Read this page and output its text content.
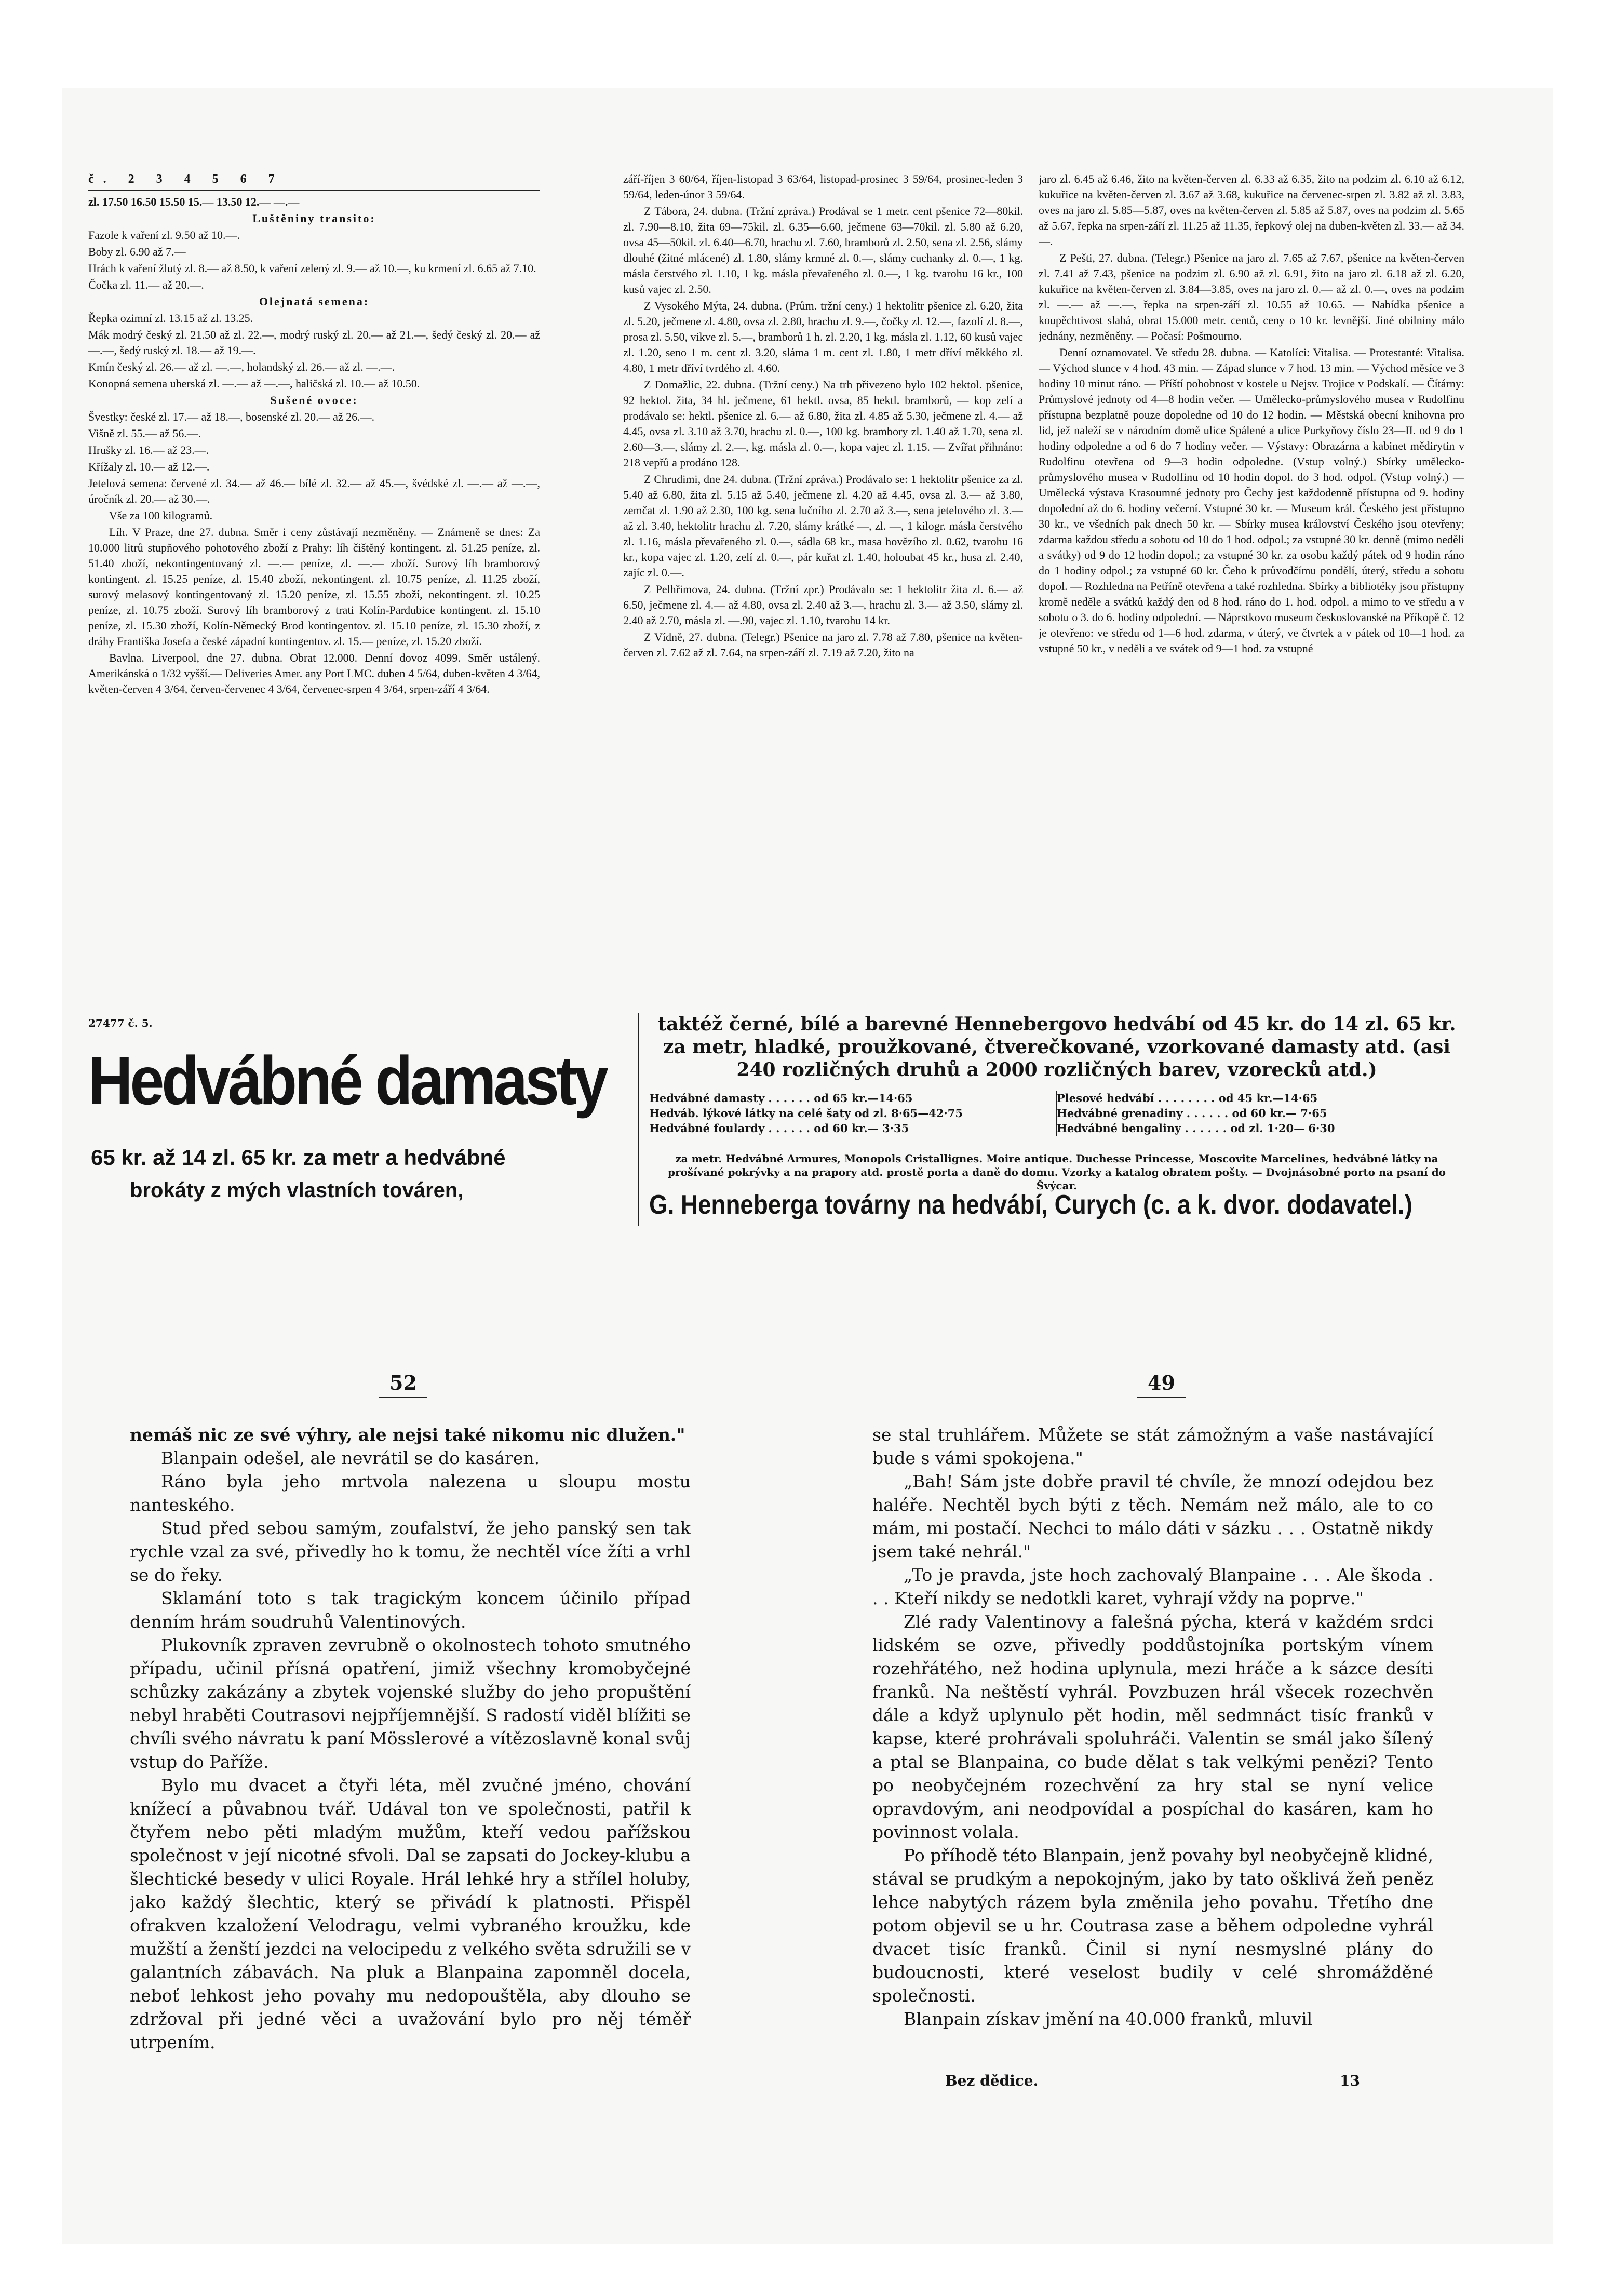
č. 2 3 4 5 6 7

zl. 17.50 16.50 15.50 15.— 13.50 12.— —.—

Luštěniny transito:

Fazole k vaření zl. 9.50 až 10.—.

Boby zl. 6.90 až 7.—

Hrách k vaření žlutý zl. 8.— až 8.50, k vaření zelený zl. 9.— až 10.—, ku krmení zl. 6.65 až 7.10.

Čočka zl. 11.— až 20.—.

Olejnatá semena:

Řepka ozimní zl. 13.15 až zl. 13.25.

Mák modrý český zl. 21.50 až zl. 22.—, modrý ruský zl. 20.— až 21.—, šedý český zl. 20.— až —.—, šedý ruský zl. 18.— až 19.—.

Kmín český zl. 26.— až zl. —.—, holandský zl. 26.— až zl. —.—.

Konopná semena uherská zl. —.— až —.—, haličská zl. 10.— až 10.50.

Sušené ovoce:

Švestky: české zl. 17.— až 18.—, bosenské zl. 20.— až 26.—.

Višně zl. 55.— až 56.—.

Hrušky zl. 16.— až 23.—.

Křížaly zl. 10.— až 12.—.

Jetelová semena: červené zl. 34.— až 46.— bílé zl. 32.— až 45.—, švédské zl. —.— až —.—, úročník zl. 20.— až 30.—.

Vše za 100 kilogramů.

Líh. V Praze, dne 27. dubna. Směr i ceny zůstávají nezměněny. — Známeně se dnes: Za 10.000 litrů stupňového pohotového zboží z Prahy: líh čištěný kontingent. zl. 51.25 peníze, zl. 51.40 zboží, nekontingentovaný zl. —.— peníze, zl. —.— zboží. Surový líh bramborový kontingent. zl. 15.25 peníze, zl. 15.40 zboží, nekontingent. zl. 10.75 peníze, zl. 11.25 zboží, surový melasový kontingentovaný zl. 15.20 peníze, zl. 15.55 zboží, nekontingent. zl. 10.25 peníze, zl. 10.75 zboží. Surový líh bramborový z trati Kolín-Pardubice kontingent. zl. 15.10 peníze, zl. 15.30 zboží, Kolín-Německý Brod kontingentov. zl. 15.10 peníze, zl. 15.30 zboží, z dráhy Františka Josefa a české západní kontingentov. zl. 15.— peníze, zl. 15.20 zboží.

Bavlna. Liverpool, dne 27. dubna. Obrat 12.000. Denní dovoz 4099. Směr ustálený. Amerikánská o 1/32 vyšší.— Deliveries Amer. any Port LMC. duben 4 5/64, duben-květen 4 3/64, květen-červen 4 3/64, červen-červenec 4 3/64, červenec-srpen 4 3/64, srpen-září 4 3/64.

září-říjen 3 60/64, říjen-listopad 3 63/64, listopad-prosinec 3 59/64, prosinec-leden 3 59/64, leden-únor 3 59/64.

Z Tábora, 24. dubna. (Tržní zpráva.) Prodával se 1 metr. cent pšenice 72—80kil. zl. 7.90—8.10, žita 69—75kil. zl. 6.35—6.60, ječmene 63—70kil. zl. 5.80 až 6.20, ovsa 45—50kil. zl. 6.40—6.70, hrachu zl. 7.60, bramborů zl. 2.50, sena zl. 2.56, slámy dlouhé (žitné mlácené) zl. 1.80, slámy krmné zl. 0.—, slámy cuchanky zl. 0.—, 1 kg. másla čerstvého zl. 1.10, 1 kg. másla převařeného zl. 0.—, 1 kg. tvarohu 16 kr., 100 kusů vajec zl. 2.50.

Z Vysokého Mýta, 24. dubna. (Prům. tržní ceny.) 1 hektolitr pšenice zl. 6.20, žita zl. 5.20, ječmene zl. 4.80, ovsa zl. 2.80, hrachu zl. 9.—, čočky zl. 12.—, fazolí zl. 8.—, prosa zl. 5.50, vikve zl. 5.—, bramborů 1 h. zl. 2.20, 1 kg. másla zl. 1.12, 60 kusů vajec zl. 1.20, seno 1 m. cent zl. 3.20, sláma 1 m. cent zl. 1.80, 1 metr dříví měkkého zl. 4.80, 1 metr dříví tvrdého zl. 4.60.

Z Domažlic, 22. dubna. (Tržní ceny.) Na trh přivezeno bylo 102 hektol. pšenice, 92 hektol. žita, 34 hl. ječmene, 61 hektl. ovsa, 85 hektl. bramborů, — kop zelí a prodávalo se: hektl. pšenice zl. 6.— až 6.80, žita zl. 4.85 až 5.30, ječmene zl. 4.— až 4.45, ovsa zl. 3.10 až 3.70, hrachu zl. 0.—, 100 kg. brambory zl. 1.40 až 1.70, sena zl. 2.60—3.—, slámy zl. 2.—, kg. másla zl. 0.—, kopa vajec zl. 1.15. — Zvířat přihnáno: 218 vepřů a prodáno 128.

Z Chrudimi, dne 24. dubna. (Tržní zpráva.) Prodávalo se: 1 hektolitr pšenice za zl. 5.40 až 6.80, žita zl. 5.15 až 5.40, ječmene zl. 4.20 až 4.45, ovsa zl. 3.— až 3.80, zemčat zl. 1.90 až 2.30, 100 kg. sena lučního zl. 2.70 až 3.—, sena jetelového zl. 3.— až zl. 3.40, hektolitr hrachu zl. 7.20, slámy krátké —, zl. —, 1 kilogr. másla čerstvého zl. 1.16, másla převařeného zl. 0.—, sádla 68 kr., masa hovězího zl. 0.62, tvarohu 16 kr., kopa vajec zl. 1.20, zelí zl. 0.—, pár kuřat zl. 1.40, holoubat 45 kr., husa zl. 2.40, zajíc zl. 0.—.

Z Pelhřimova, 24. dubna. (Tržní zpr.) Prodávalo se: 1 hektolitr žita zl. 6.— až 6.50, ječmene zl. 4.— až 4.80, ovsa zl. 2.40 až 3.—, hrachu zl. 3.— až 3.50, slámy zl. 2.40 až 2.70, másla zl. —.90, vajec zl. 1.10, tvarohu 14 kr.

Z Vídně, 27. dubna. (Telegr.) Pšenice na jaro zl. 7.78 až 7.80, pšenice na květen-červen zl. 7.62 až zl. 7.64, na srpen-září zl. 7.19 až 7.20, žito na

jaro zl. 6.45 až 6.46, žito na květen-červen zl. 6.33 až 6.35, žito na podzim zl. 6.10 až 6.12, kukuřice na květen-červen zl. 3.67 až 3.68, kukuřice na červenec-srpen zl. 3.82 až zl. 3.83, oves na jaro zl. 5.85—5.87, oves na květen-červen zl. 5.85 až 5.87, oves na podzim zl. 5.65 až 5.67, řepka na srpen-září zl. 11.25 až 11.35, řepkový olej na duben-květen zl. 33.— až 34.—.

Z Pešti, 27. dubna. (Telegr.) Pšenice na jaro zl. 7.65 až 7.67, pšenice na květen-červen zl. 7.41 až 7.43, pšenice na podzim zl. 6.90 až zl. 6.91, žito na jaro zl. 6.18 až zl. 6.20, kukuřice na květen-červen zl. 3.84—3.85, oves na jaro zl. 0.— až zl. 0.—, oves na podzim zl. —.— až —.—, řepka na srpen-září zl. 10.55 až 10.65. — Nabídka pšenice a koupěchtivost slabá, obrat 15.000 metr. centů, ceny o 10 kr. levnější. Jiné obilniny málo jednány, nezměněny. — Počasí: Pošmourno.

Denní oznamovatel. Ve středu 28. dubna. — Katolíci: Vitalisa. — Protestanté: Vitalisa. — Východ slunce v 4 hod. 43 min. — Západ slunce v 7 hod. 13 min. — Východ měsíce ve 3 hodiny 10 minut ráno. — Příští pohobnost v kostele u Nejsv. Trojice v Podskalí. — Čítárny: Průmyslové jednoty od 4—8 hodin večer. — Umělecko-průmyslového musea v Rudolfinu přístupna bezplatně pouze dopoledne od 10 do 12 hodin. — Městská obecní knihovna pro lid, jež naleží se v národním domě ulice Spálené a ulice Purkyňovy číslo 23—II. od 9 do 1 hodiny odpoledne a od 6 do 7 hodiny večer. — Výstavy: Obrazárna a kabinet mědirytin v Rudolfinu otevřena od 9—3 hodin odpoledne. (Vstup volný.) Sbírky umělecko-průmyslového musea v Rudolfinu od 10 hodin dopol. do 3 hod. odpol. (Vstup volný.) — Umělecká výstava Krasoumné jednoty pro Čechy jest každodenně přístupna od 9. hodiny dopolední až do 6. hodiny večerní. Vstupné 30 kr. — Museum král. Českého jest přístupno 30 kr., ve všedních pak dnech 50 kr. — Sbírky musea království Českého jsou otevřeny; zdarma každou středu a sobotu od 10 do 1 hod. odpol.; za vstupné 30 kr. denně (mimo neděli a svátky) od 9 do 12 hodin dopol.; za vstupné 30 kr. za osobu každý pátek od 9 hodin ráno do 1 hodiny odpol.; za vstupné 60 kr. Čeho k průvodčímu pondělí, úterý, středu a sobotu dopol. — Rozhledna na Petříně otevřena a také rozhledna. Sbírky a bibliotéky jsou přístupny kromě neděle a svátků každý den od 8 hod. ráno do 1. hod. odpol. a mimo to ve středu a v sobotu o 3. do 6. hodiny odpolední. — Náprstkovo museum českoslovanské na Příkopě č. 12 je otevřeno: ve středu od 1—6 hod. zdarma, v úterý, ve čtvrtek a v pátek od 10—1 hod. za vstupné 50 kr., v neděli a ve svátek od 9—1 hod. za vstupné

27477 č. 5.
Hedvábné damasty
65 kr. až 14 zl. 65 kr. za metr a hedvábné
brokáty z mých vlastních továren,
taktéž černé, bílé a barevné Hennebergovo hedvábí od 45 kr. do 14 zl. 65 kr. za metr, hladké, proužkované, čtverečkované, vzorkované damasty atd. (asi 240 rozličných druhů a 2000 rozličných barev, vzorecků atd.)
Hedvábné damasty . . . . . . od 65 kr.—14·65	Plesové hedvábí . . . . . . . . od 45 kr.—14·65
Hedváb. lýkové látky na celé šaty od zl. 8·65—42·75	Hedvábné grenadiny . . . . . . od 60 kr.— 7·65
Hedvábné foulardy . . . . . . od 60 kr.— 3·35	Hedvábné bengaliny . . . . . . od zl. 1·20— 6·30
za metr. Hedvábné Armures, Monopols Cristallignes. Moire antique. Duchesse Princesse, Moscovite Marcelines, hedvábné látky na prošívané pokrývky a na prapory atd. prostě porta a daně do domu. Vzorky a katalog obratem pošty. — Dvojnásobné porto na psaní do Švýcar.
G. Henneberga továrny na hedvábí, Curych (c. a k. dvor. dodavatel.)
52	49

nemáš nic ze své výhry, ale nejsi také nikomu nic dlužen."

Blanpain odešel, ale nevrátil se do kasáren.

Ráno byla jeho mrtvola nalezena u sloupu mostu nanteského.

Stud před sebou samým, zoufalství, že jeho panský sen tak rychle vzal za své, přivedly ho k tomu, že nechtěl více žíti a vrhl se do řeky.

Sklamání toto s tak tragickým koncem účinilo případ denním hrám soudruhů Valentinových.

Plukovník zpraven zevrubně o okolnostech tohoto smutného případu, učinil přísná opatření, jimiž všechny kromobyčejné schůzky zakázány a zbytek vojenské služby do jeho propuštění nebyl hraběti Coutrasovi nejpříjemnější. S radostí viděl blížiti se chvíli svého návratu k paní Mösslerové a vítězoslavně konal svůj vstup do Paříže.

Bylo mu dvacet a čtyři léta, měl zvučné jméno, chování knížecí a půvabnou tvář. Udával ton ve společnosti, patřil k čtyřem nebo pěti mladým mužům, kteří vedou pařížskou společnost v její nicotné sfvoli. Dal se zapsati do Jockey-klubu a šlechtické besedy v ulici Royale. Hrál lehké hry a střílel holuby, jako každý šlechtic, který se přivádí k platnosti. Přispěl ofrakven kzaložení Velodragu, velmi vybraného kroužku, kde mužští a ženští jezdci na velocipedu z velkého světa sdružili se v galantních zábavách. Na pluk a Blanpaina zapomněl docela, neboť lehkost jeho povahy mu nedopouštěla, aby dlouho se zdržoval při jedné věci a uvažování bylo pro něj téměř utrpením.

se stal truhlářem. Můžete se stát zámožným a vaše nastávající bude s vámi spokojena."

„Bah! Sám jste dobře pravil té chvíle, že mnozí odejdou bez haléře. Nechtěl bych býti z těch. Nemám než málo, ale to co mám, mi postačí. Nechci to málo dáti v sázku . . . Ostatně nikdy jsem také nehrál."

„To je pravda, jste hoch zachovalý Blanpaine . . . Ale škoda . . . Kteří nikdy se nedotkli karet, vyhrají vždy na poprve."

Zlé rady Valentinovy a falešná pýcha, která v každém srdci lidském se ozve, přivedly poddůstojníka portským vínem rozehřátého, než hodina uplynula, mezi hráče a k sázce desíti franků. Na neštěstí vyhrál. Povzbuzen hrál všecek rozechvěn dále a když uplynulo pět hodin, měl sedmnáct tisíc franků v kapse, které prohrávali spoluhráči. Valentin se smál jako šílený a ptal se Blanpaina, co bude dělat s tak velkými penězi? Tento po neobyčejném rozechvění za hry stal se nyní velice opravdovým, ani neodpovídal a pospíchal do kasáren, kam ho povinnost volala.

Po příhodě této Blanpain, jenž povahy byl neobyčejně klidné, stával se prudkým a nepokojným, jako by tato ošklivá žeň peněz lehce nabytých rázem byla změnila jeho povahu. Třetího dne potom objevil se u hr. Coutrasa zase a během odpoledne vyhrál dvacet tisíc franků. Činil si nyní nesmyslné plány do budoucnosti, které veselost budily v celé shromážděné společnosti.

Blanpain získav jmění na 40.000 franků, mluvil

Bez dědice.	13
